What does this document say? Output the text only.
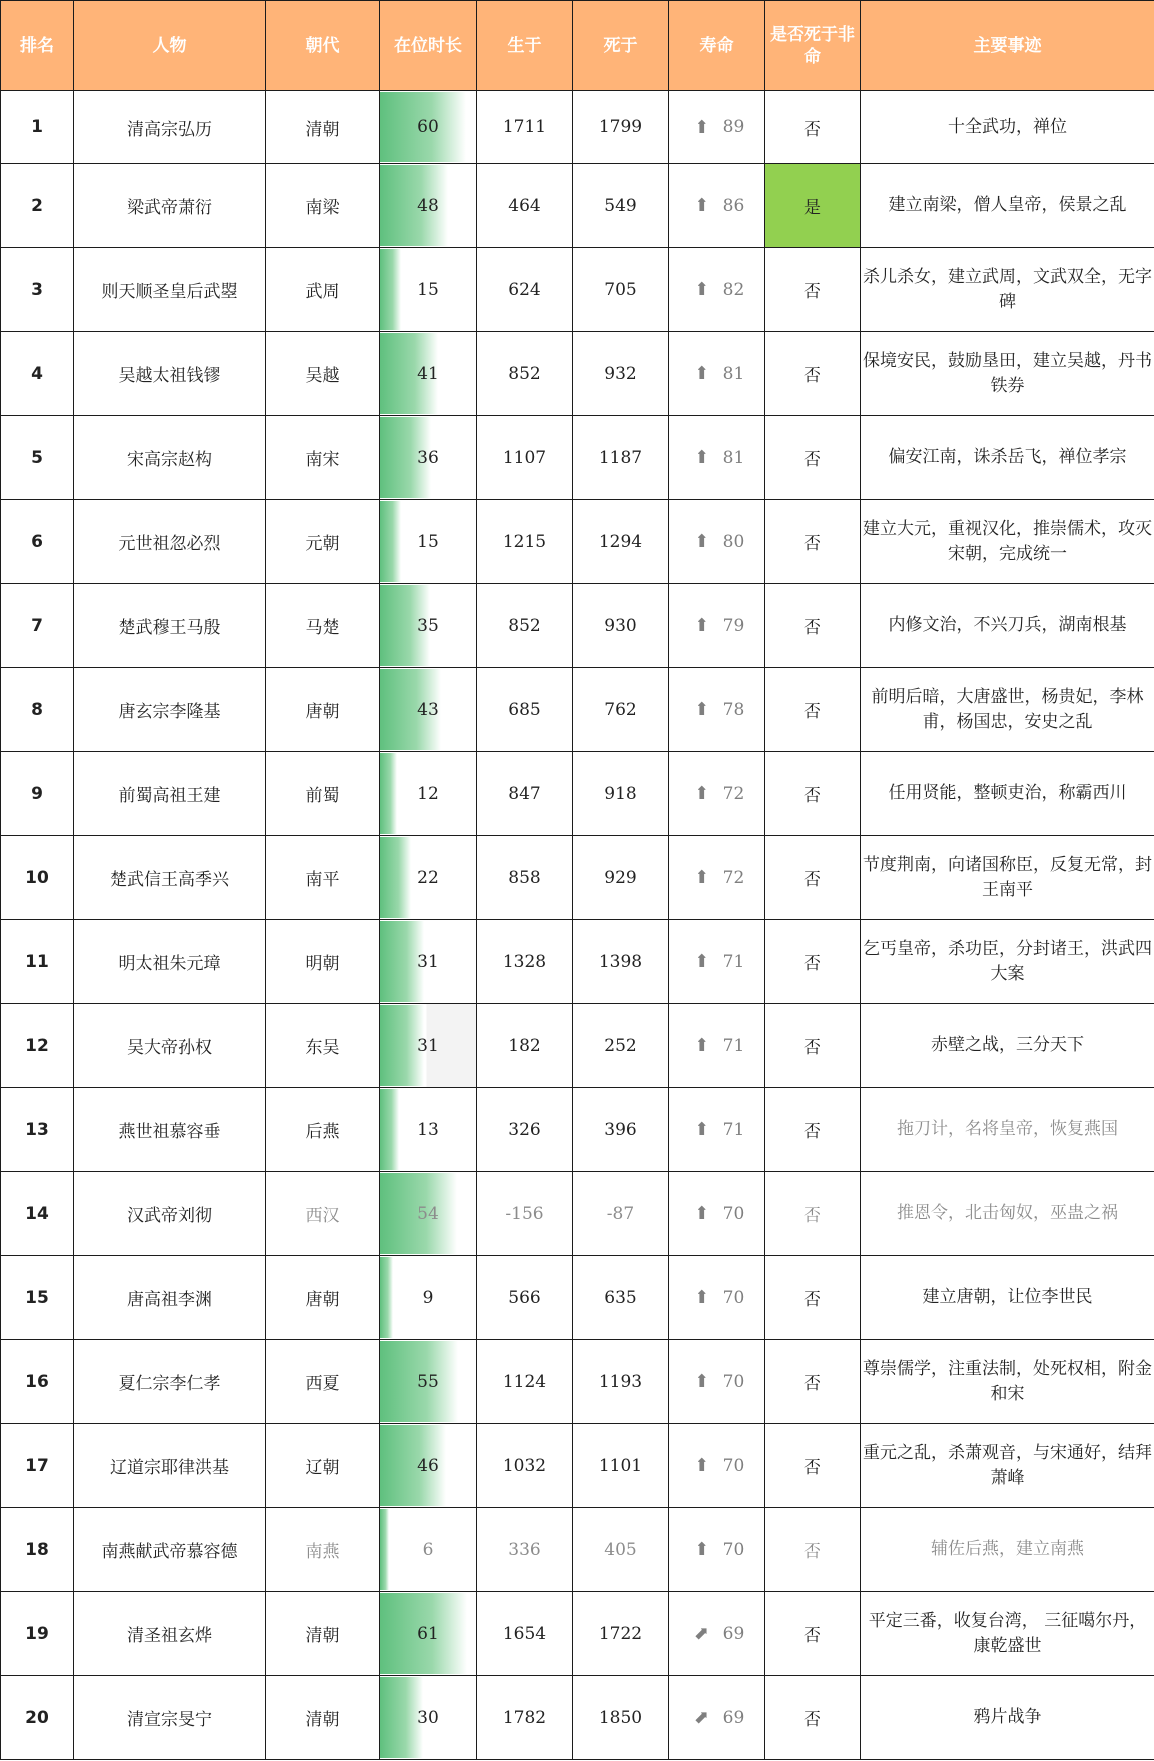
排名	人物	朝代	在位时长	生于	死于	寿命	是否死于非命	主要事迹
1	清高宗弘历	清朝	60	1711	1799	⬆ 89	否	十全武功，禅位
2	梁武帝萧衍	南梁	48	464	549	⬆ 86	是	建立南梁，僧人皇帝，侯景之乱
3	则天顺圣皇后武曌	武周	15	624	705	⬆ 82	否	杀儿杀女，建立武周，文武双全，无字碑
4	吴越太祖钱镠	吴越	41	852	932	⬆ 81	否	保境安民，鼓励垦田，建立吴越，丹书铁券
5	宋高宗赵构	南宋	36	1107	1187	⬆ 81	否	偏安江南，诛杀岳飞，禅位孝宗
6	元世祖忽必烈	元朝	15	1215	1294	⬆ 80	否	建立大元，重视汉化，推崇儒术，攻灭宋朝，完成统一
7	楚武穆王马殷	马楚	35	852	930	⬆ 79	否	内修文治，不兴刀兵，湖南根基
8	唐玄宗李隆基	唐朝	43	685	762	⬆ 78	否	前明后暗，大唐盛世，杨贵妃，李林甫，杨国忠，安史之乱
9	前蜀高祖王建	前蜀	12	847	918	⬆ 72	否	任用贤能，整顿吏治，称霸西川
10	楚武信王高季兴	南平	22	858	929	⬆ 72	否	节度荆南，向诸国称臣，反复无常，封王南平
11	明太祖朱元璋	明朝	31	1328	1398	⬆ 71	否	乞丐皇帝，杀功臣，分封诸王，洪武四大案
12	吴大帝孙权	东吴	31	182	252	⬆ 71	否	赤壁之战，三分天下
13	燕世祖慕容垂	后燕	13	326	396	⬆ 71	否	拖刀计，名将皇帝，恢复燕国
14	汉武帝刘彻	西汉	54	-156	-87	⬆ 70	否	推恩令，北击匈奴，巫蛊之祸
15	唐高祖李渊	唐朝	9	566	635	⬆ 70	否	建立唐朝，让位李世民
16	夏仁宗李仁孝	西夏	55	1124	1193	⬆ 70	否	尊崇儒学，注重法制，处死权相，附金和宋
17	辽道宗耶律洪基	辽朝	46	1032	1101	⬆ 70	否	重元之乱，杀萧观音，与宋通好，结拜萧峰
18	南燕献武帝慕容德	南燕	6	336	405	⬆ 70	否	辅佐后燕，建立南燕
19	清圣祖玄烨	清朝	61	1654	1722	⬈ 69	否	平定三番，收复台湾， 三征噶尔丹，康乾盛世
20	清宣宗旻宁	清朝	30	1782	1850	⬈ 69	否	鸦片战争
